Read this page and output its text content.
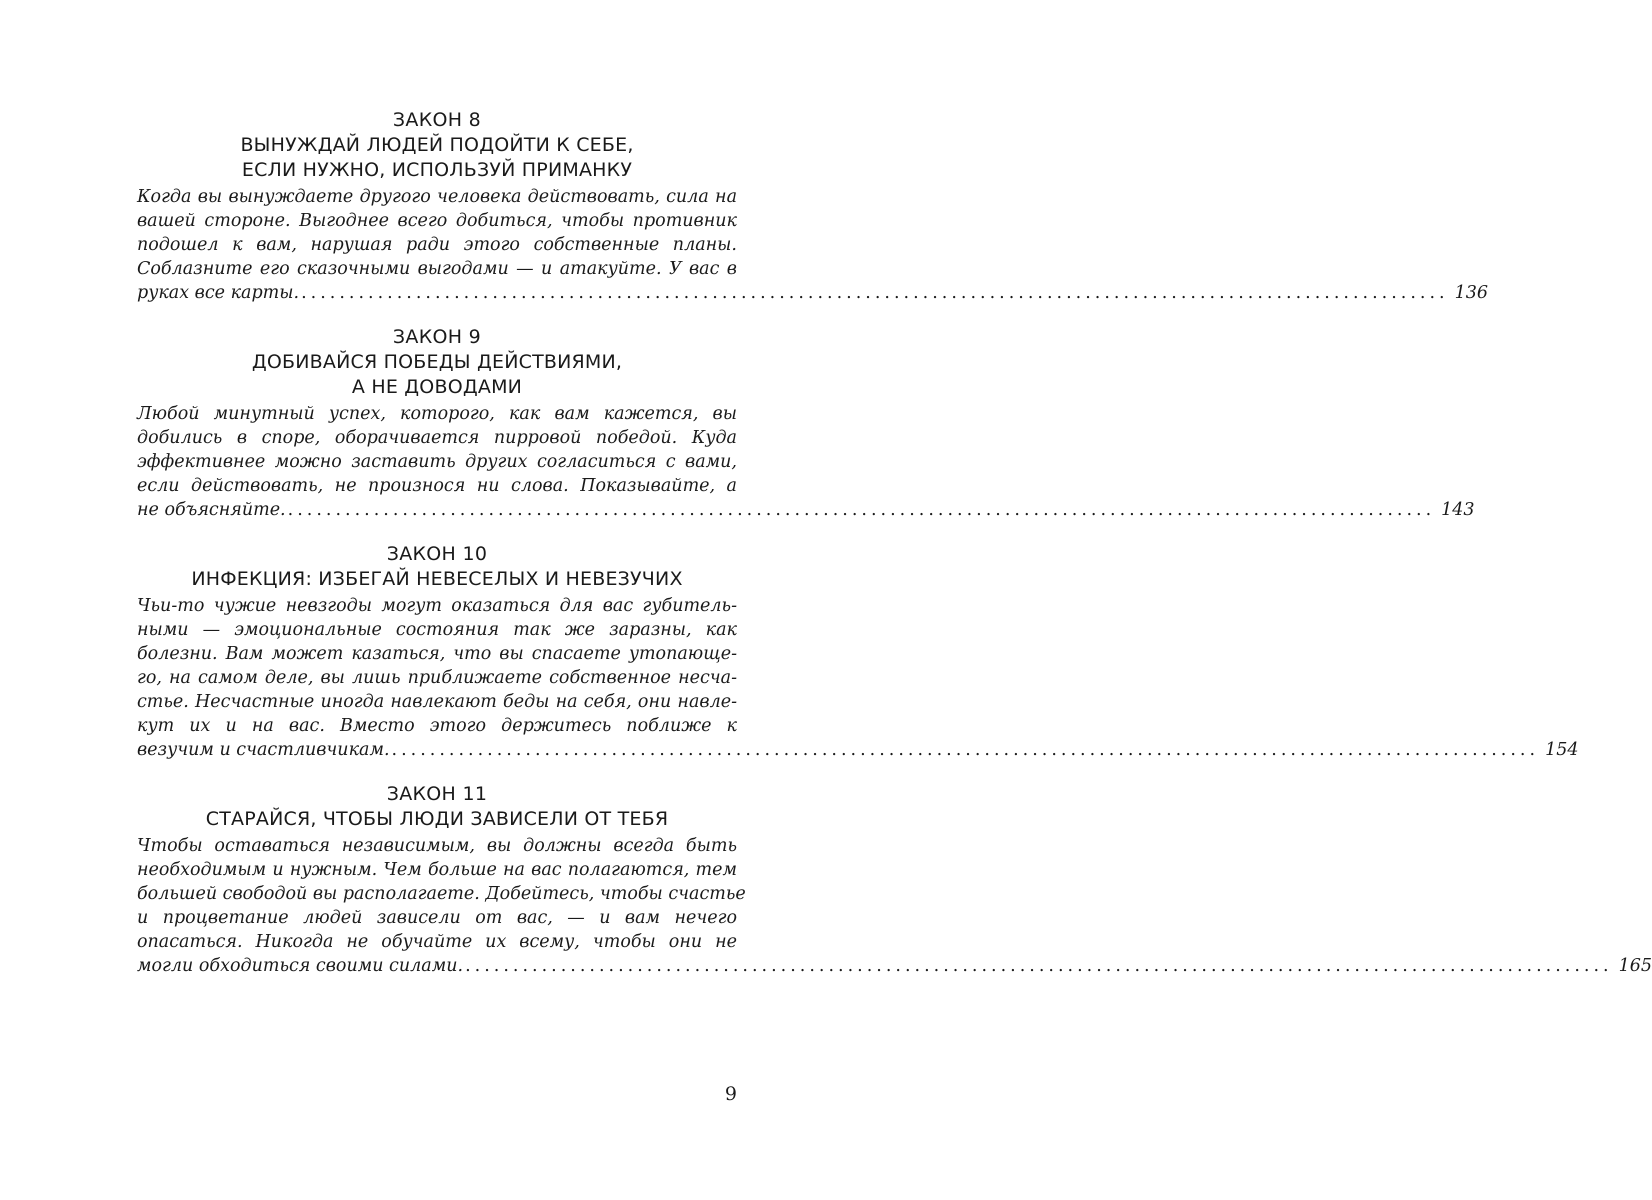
ЗАКОН 8
ВЫНУЖДАЙ ЛЮДЕЙ ПОДОЙТИ К СЕБЕ,
ЕСЛИ НУЖНО, ИСПОЛЬЗУЙ ПРИМАНКУ
Когда вы вынуждаете другого человека действовать, сила на
вашей стороне. Выгоднее всего добиться, чтобы противник
подошел к вам, нарушая ради этого собственные планы.
Соблазните его сказочными выгодами — и атакуйте. У вас в
руках все карты. ........................................................................................................................ 136
ЗАКОН 9
ДОБИВАЙСЯ ПОБЕДЫ ДЕЙСТВИЯМИ,
А НЕ ДОВОДАМИ
Любой минутный успех, которого, как вам кажется, вы
добились в споре, оборачивается пирровой победой. Куда
эффективнее можно заставить других согласиться с вами,
если действовать, не произнося ни слова. Показывайте, а
не объясняйте. ........................................................................................................................ 143
ЗАКОН 10
ИНФЕКЦИЯ: ИЗБЕГАЙ НЕВЕСЕЛЫХ И НЕВЕЗУЧИХ
Чьи-то чужие невзгоды могут оказаться для вас губитель-
ными — эмоциональные состояния так же заразны, как
болезни. Вам может казаться, что вы спасаете утопающе-
го, на самом деле, вы лишь приближаете собственное несча-
стье. Несчастные иногда навлекают беды на себя, они навле-
кут их и на вас. Вместо этого держитесь поближе к
везучим и счастливчикам. ........................................................................................................................ 154
ЗАКОН 11
СТАРАЙСЯ, ЧТОБЫ ЛЮДИ ЗАВИСЕЛИ ОТ ТЕБЯ
Чтобы оставаться независимым, вы должны всегда быть
необходимым и нужным. Чем больше на вас полагаются, тем
большей свободой вы располагаете. Добейтесь, чтобы счастье
и процветание людей зависели от вас, — и вам нечего
опасаться. Никогда не обучайте их всему, чтобы они не
могли обходиться своими силами. ........................................................................................................................ 165
9
